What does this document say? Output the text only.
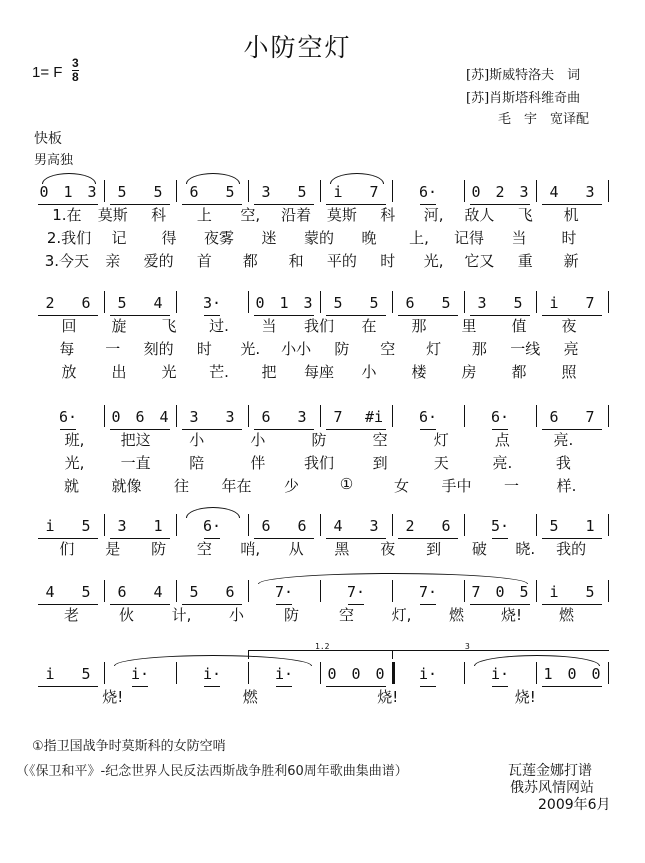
小防空灯
1= F
3
8	[苏]斯威特洛夫　词
[苏]肖斯塔科维奇曲
毛　宇　宽译配
快板
男高独
0 1 3 5 5 6 5 3 5 i 7	6· 0 2 3 4 3
1.在 莫斯 科 上 空, 沿着 莫斯 科 河, 敌人 飞 机
2.我们 记 得 夜雾 迷 蒙的 晚 上, 记得 当 时
3.今天 亲 爱的 首 都 和 平的 时 光, 它又 重 新
2 6 5 4	3· 0 1 3 5 5 6 5 3 5 i 7
回 旋 飞 过. 当 我们 在 那 里 值 夜
每 一 刻的 时 光. 小小 防 空 灯 那 一线 亮
放 出 光 芒. 把 每座 小 楼 房 都 照
6· 0 6 4 3 3 6 3 7 #i 6·	6·	6 7
班, 把这	小	小	防	空	灯	点	亮.
光, 一直	陪	伴	我们	到	天	亮.	我
就 就像 往 年在 少	①	女 手中 一	样.
i 5 3 1	6·	6 6 4 3 2 6	5·	5 1
们 是 防 空 哨, 从 黑 夜 到 破 晓. 我的
4 5 6 4 5 6	7·	7·	7· 7 0 5 i 5
老	伙	计,	小	防	空	灯,	燃 烧! 燃
i 5	i·	i·	i· 0 0 0 i·	i· 1 0 0
1.2	3
烧!	燃	烧!	烧!
①指卫国战争时莫斯科的女防空哨
（《保卫和平》-纪念世界人民反法西斯战争胜利60周年歌曲集曲谱）	瓦莲金娜打谱
俄苏风情网站
2009年6月
